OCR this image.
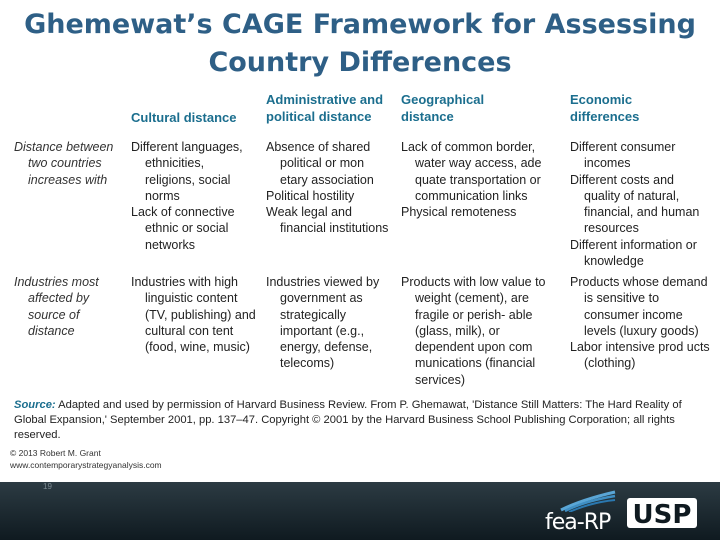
Ghemewat’s CAGE Framework for Assessing
Country Differences
Cultural distance
Administrative and
political distance
Geographical
distance
Economic
differences
Distance between
two countries
increases with

Different languages, ethnicities, religions, social norms

Lack of connective ethnic or social networks

Absence of shared political or mon etary association

Political hostility

Weak legal and financial institutions

Lack of common border, water way access, ade quate transportation or communication links

Physical remoteness

Different consumer incomes

Different costs and quality of natural, financial, and human resources

Different information or knowledge

Industries most
affected by
source of
distance

Industries with high linguistic content (TV, publishing) and cultural con tent (food, wine, music)

Industries viewed by government as strategically important (e.g., energy, defense, telecoms)

Products with low value to weight (cement), are fragile or perish- able (glass, milk), or dependent upon com munications (financial services)

Products whose demand is sensitive to consumer income levels (luxury goods)

Labor intensive prod ucts (clothing)

Source: Adapted and used by permission of Harvard Business Review. From P. Ghemawat, 'Distance Still Matters: The Hard Reality of Global Expansion,' September 2001, pp. 137–47. Copyright © 2001 by the Harvard Business School Publishing Corporation; all rights reserved.
© 2013 Robert M. Grant
www.contemporarystrategyanalysis.com
19
fea-RP USP
